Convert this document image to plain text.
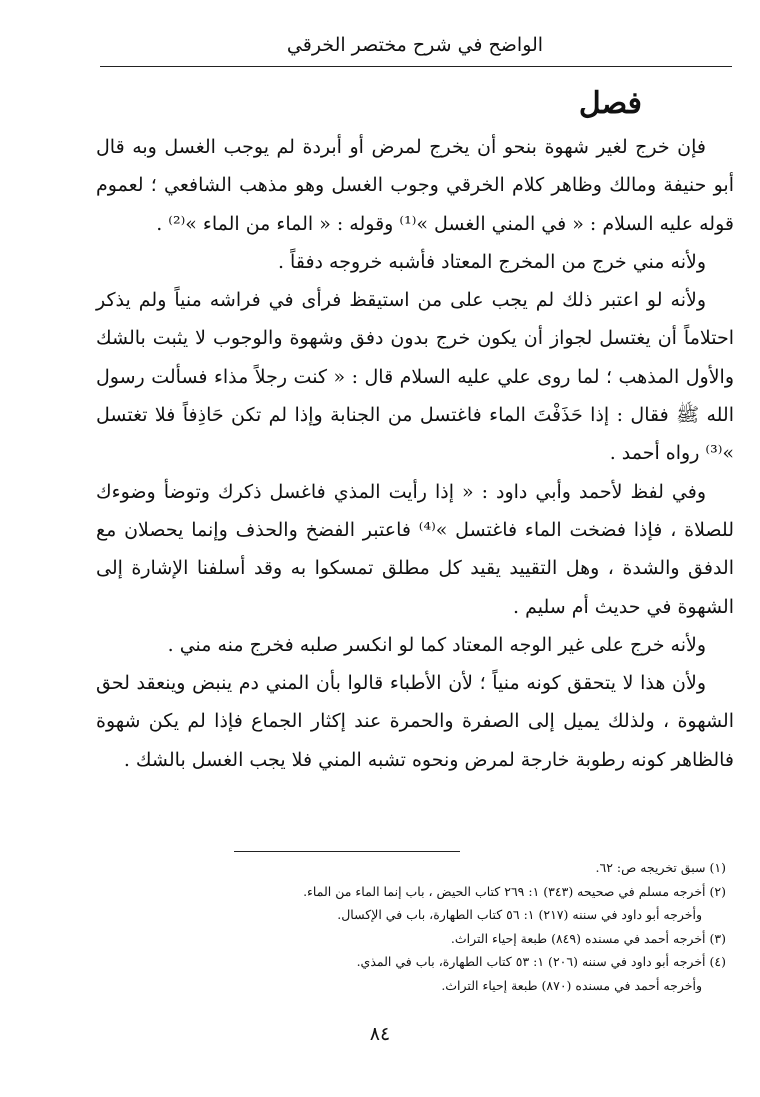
الواضح في شرح مختصر الخرقي
فصل

فإن خرج لغير شهوة بنحو أن يخرج لمرض أو أبردة لم يوجب الغسل وبه قال أبو حنيفة ومالك وظاهر كلام الخرقي وجوب الغسل وهو مذهب الشافعي ؛ لعموم قوله عليه السلام : « في المني الغسل »⁽¹⁾ وقوله : « الماء من الماء »⁽²⁾ .

ولأنه مني خرج من المخرج المعتاد فأشبه خروجه دفقاً .

ولأنه لو اعتبر ذلك لم يجب على من استيقظ فرأى في فراشه منياً ولم يذكر احتلاماً أن يغتسل لجواز أن يكون خرج بدون دفق وشهوة والوجوب لا يثبت بالشك والأول المذهب ؛ لما روى علي عليه السلام قال : « كنت رجلاً مذاء فسألت رسول الله ﷺ فقال : إذا حَذَفْتَ الماء فاغتسل من الجنابة وإذا لم تكن حَاذِفاً فلا تغتسل »⁽³⁾ رواه أحمد .

وفي لفظ لأحمد وأبي داود : « إذا رأيت المذي فاغسل ذكرك وتوضأ وضوءك للصلاة ، فإذا فضخت الماء فاغتسل »⁽⁴⁾ فاعتبر الفضخ والحذف وإنما يحصلان مع الدفق والشدة ، وهل التقييد يقيد كل مطلق تمسكوا به وقد أسلفنا الإشارة إلى الشهوة في حديث أم سليم .

ولأنه خرج على غير الوجه المعتاد كما لو انكسر صلبه فخرج منه مني .

ولأن هذا لا يتحقق كونه منياً ؛ لأن الأطباء قالوا بأن المني دم ينبض وينعقد لحق الشهوة ، ولذلك يميل إلى الصفرة والحمرة عند إكثار الجماع فإذا لم يكن شهوة فالظاهر كونه رطوبة خارجة لمرض ونحوه تشبه المني فلا يجب الغسل بالشك .

(١) سبق تخريجه ص: ٦٢.

(٢) أخرجه مسلم في صحيحه (٣٤٣) ١: ٢٦٩ كتاب الحيض ، باب إنما الماء من الماء.

وأخرجه أبو داود في سننه (٢١٧) ١: ٥٦ كتاب الطهارة، باب في الإكسال.

(٣) أخرجه أحمد في مسنده (٨٤٩) طبعة إحياء التراث.

(٤) أخرجه أبو داود في سننه (٢٠٦) ١: ٥٣ كتاب الطهارة، باب في المذي.

وأخرجه أحمد في مسنده (٨٧٠) طبعة إحياء التراث.

٨٤
